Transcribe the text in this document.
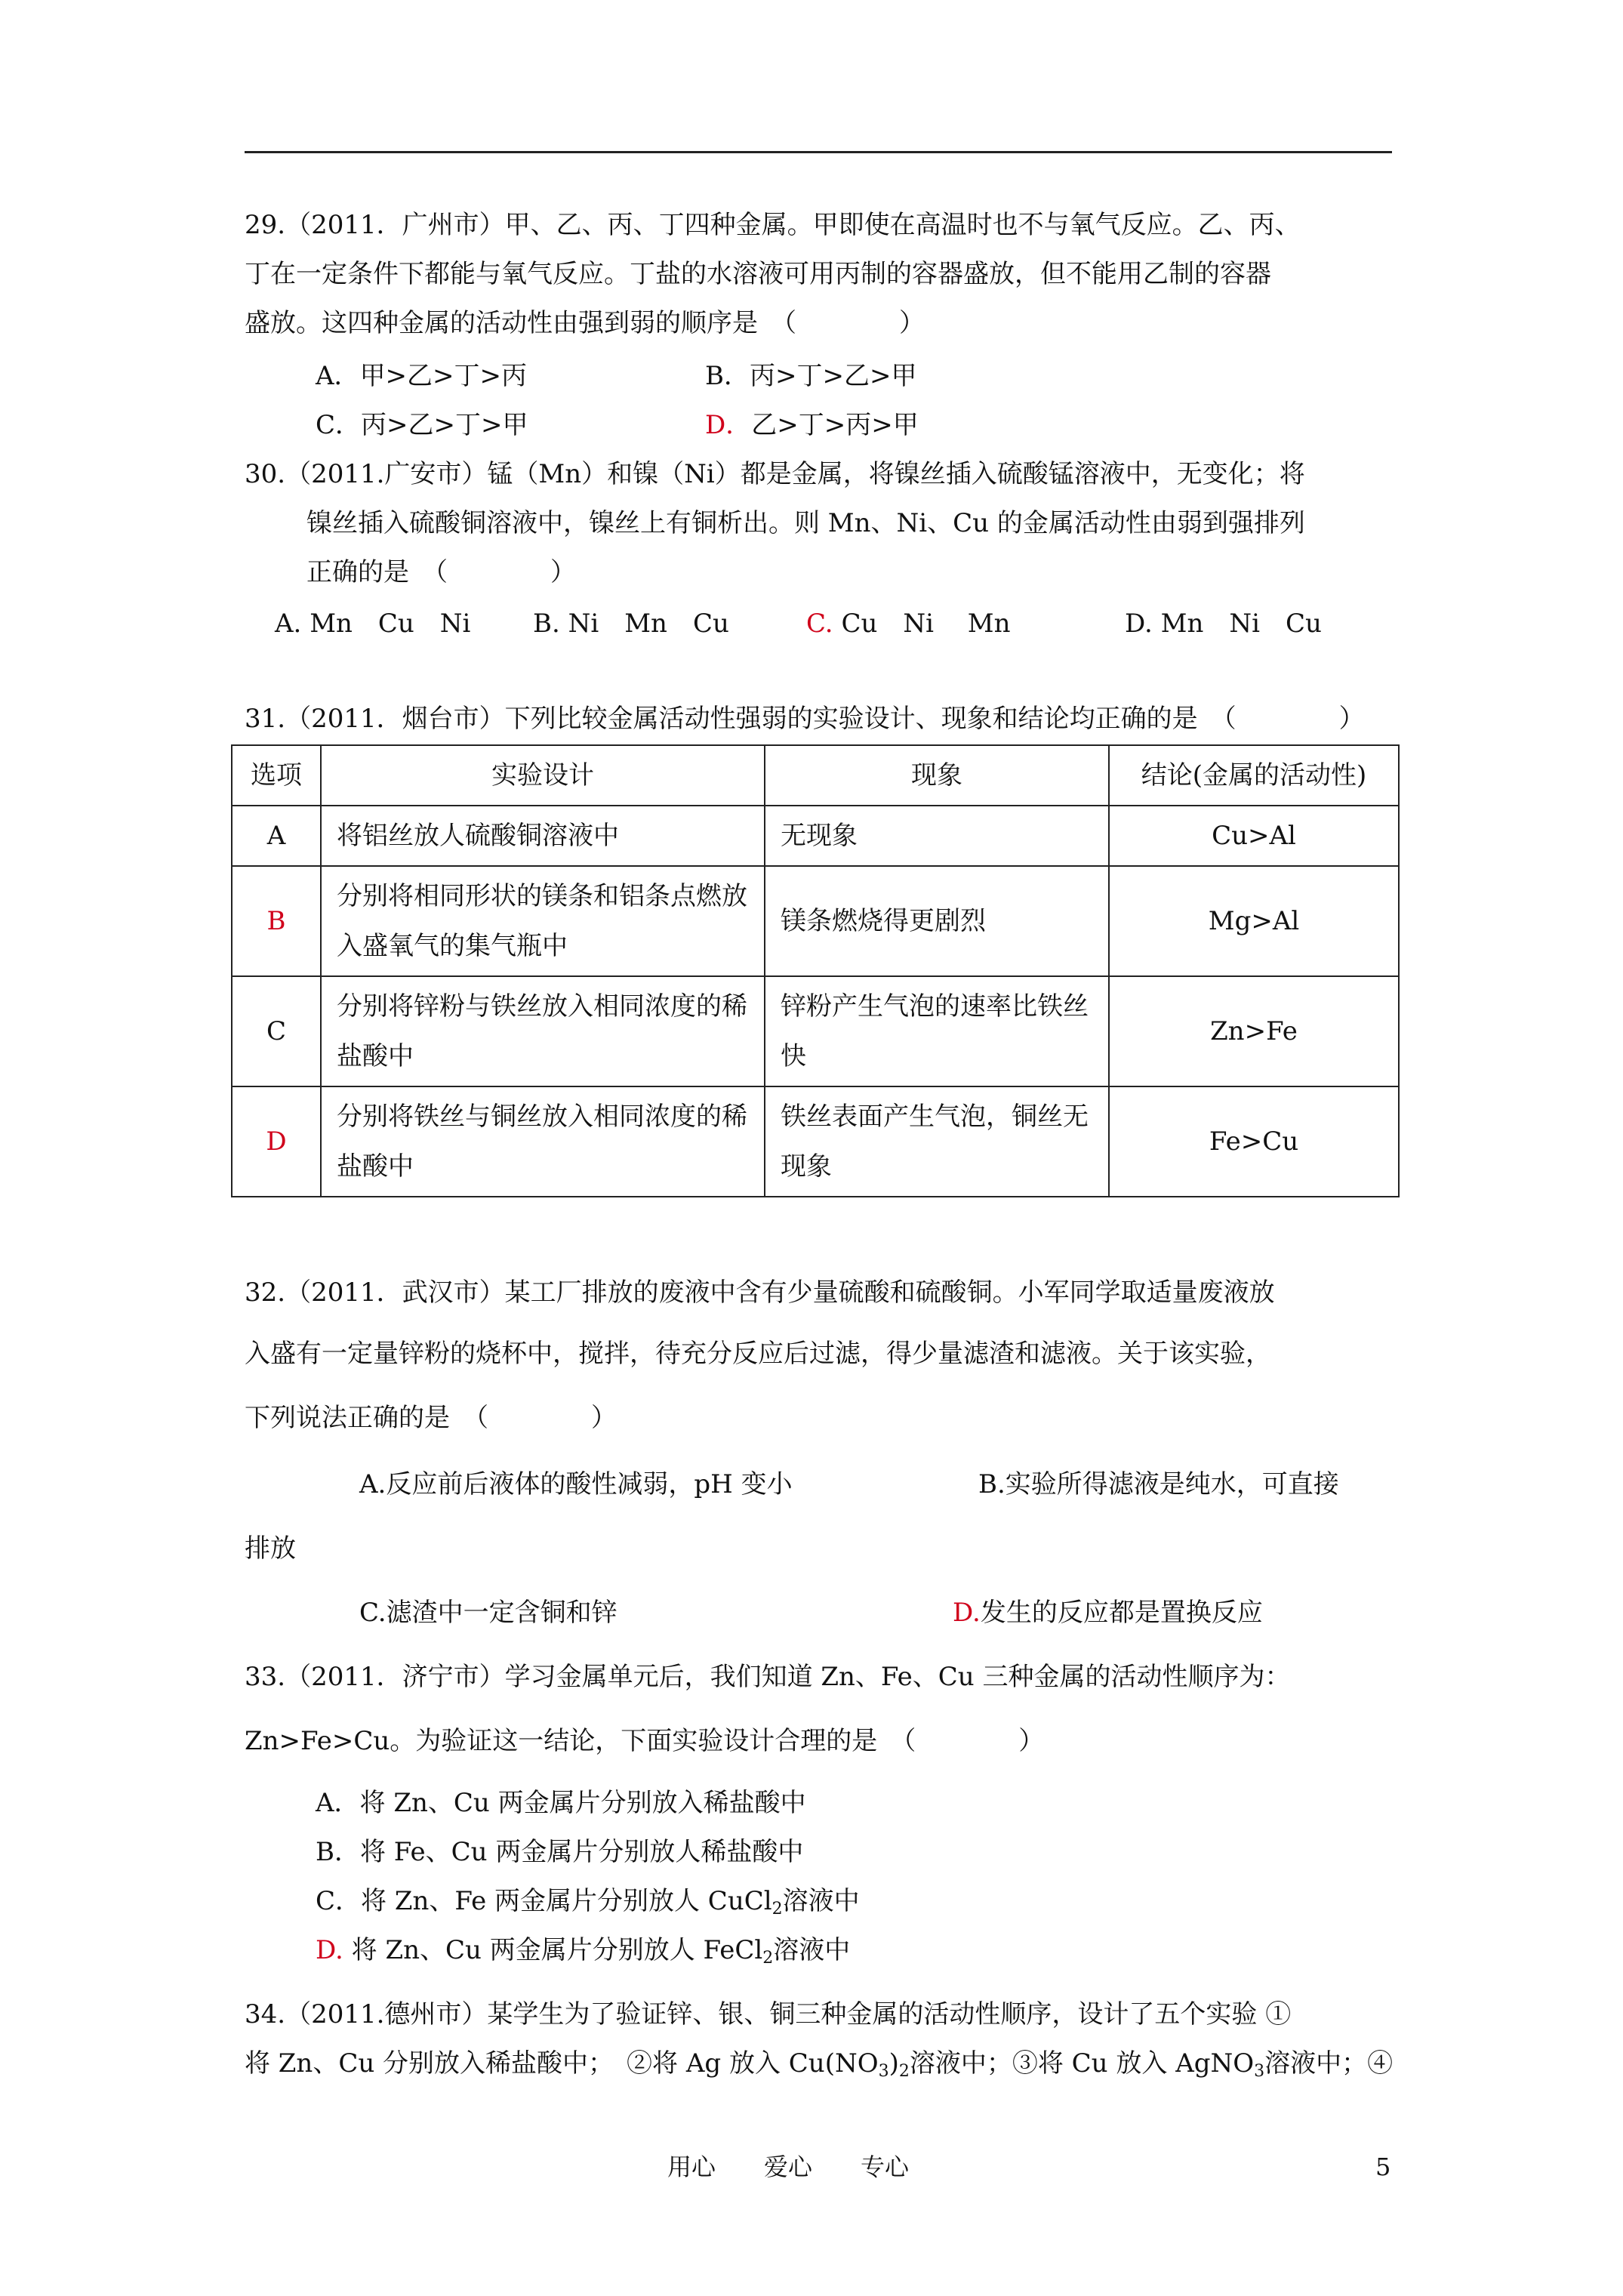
29.（2011．广州市）甲、乙、丙、丁四种金属。甲即使在高温时也不与氧气反应。乙、丙、
丁在一定条件下都能与氧气反应。丁盐的水溶液可用丙制的容器盛放，但不能用乙制的容器
盛放。这四种金属的活动性由强到弱的顺序是　（　　　　）
A．甲>乙>丁>丙	B．丙>丁>乙>甲
C．丙>乙>丁>甲	D．乙>丁>丙>甲
30.（2011.广安市）锰（Mn）和镍（Ni）都是金属，将镍丝插入硫酸锰溶液中，无变化；将
镍丝插入硫酸铜溶液中，镍丝上有铜析出。则 Mn、Ni、Cu 的金属活动性由弱到强排列
正确的是　（　　　　）
A. Mn　Cu　Ni B. Ni　Mn　Cu	C. Cu　Ni　 Mn	D. Mn　Ni　Cu
31.（2011．烟台市）下列比较金属活动性强弱的实验设计、现象和结论均正确的是　（　　　　）
选项	实验设计	现象	结论(金属的活动性)
A	将铝丝放人硫酸铜溶液中	无现象	Cu>Al
B	分别将相同形状的镁条和铝条点燃放入盛氧气的集气瓶中	镁条燃烧得更剧烈	Mg>Al
C	分别将锌粉与铁丝放入相同浓度的稀盐酸中	锌粉产生气泡的速率比铁丝快	Zn>Fe
D	分别将铁丝与铜丝放入相同浓度的稀盐酸中	铁丝表面产生气泡，铜丝无现象	Fe>Cu
32.（2011．武汉市）某工厂排放的废液中含有少量硫酸和硫酸铜。小军同学取适量废液放
入盛有一定量锌粉的烧杯中，搅拌，待充分反应后过滤，得少量滤渣和滤液。关于该实验，
下列说法正确的是　（　　　　）
A.反应前后液体的酸性减弱，pH 变小	B.实验所得滤液是纯水，可直接
排放
C.滤渣中一定含铜和锌	D.发生的反应都是置换反应
33.（2011．济宁市）学习金属单元后，我们知道 Zn、Fe、Cu 三种金属的活动性顺序为：
Zn>Fe>Cu。为验证这一结论，下面实验设计合理的是　（　　　　）
A．将 Zn、Cu 两金属片分别放入稀盐酸中
B．将 Fe、Cu 两金属片分别放人稀盐酸中
C．将 Zn、Fe 两金属片分别放人 CuCl$_2$溶液中
D. 将 Zn、Cu 两金属片分别放人 FeCl$_2$溶液中
34.（2011.德州市）某学生为了验证锌、银、铜三种金属的活动性顺序，设计了五个实验 ①
将 Zn、Cu 分别放入稀盐酸中；　②将 Ag 放入 $Cu(NO_3)_2$溶液中；③将 Cu 放入 AgNO$_3$溶液中；④
用心　　爱心　　专心	5
